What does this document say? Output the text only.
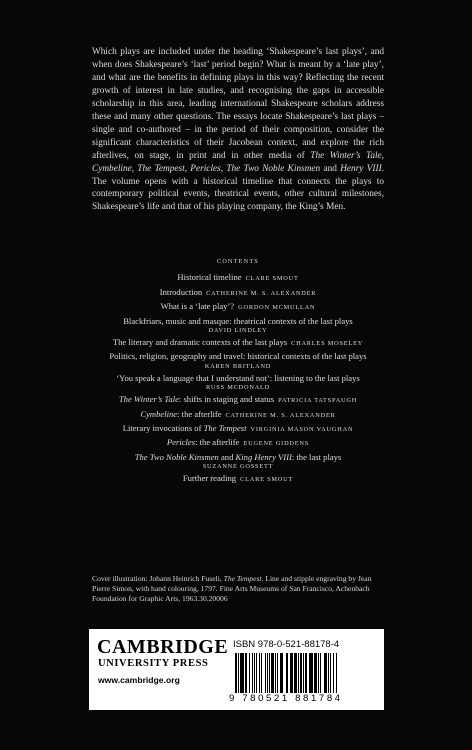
Which plays are included under the heading ‘Shakespeare’s last plays’, and when does Shakespeare’s ‘last’ period begin? What is meant by a ‘late play’, and what are the benefits in defining plays in this way? Reflecting the recent growth of interest in late studies, and recognising the gaps in accessible scholarship in this area, leading international Shakespeare scholars address these and many other questions. The essays locate Shakespeare’s last plays – single and co-authored – in the period of their composition, consider the significant characteristics of their Jacobean context, and explore the rich afterlives, on stage, in print and in other media of The Winter’s Tale, Cymbeline, The Tempest, Pericles, The Two Noble Kinsmen and Henry VIII. The volume opens with a historical timeline that connects the plays to contemporary political events, theatrical events, other cultural milestones, Shakespeare’s life and that of his playing company, the King’s Men.

CONTENTS

Historical timeline CLARE SMOUT

Introduction CATHERINE M. S. ALEXANDER

What is a ‘late play’? GORDON MCMULLAN

Blackfriars, music and masque: theatrical contexts of the last plays
DAVID LINDLEY

The literary and dramatic contexts of the last plays CHARLES MOSELEY

Politics, religion, geography and travel: historical contexts of the last plays
KAREN BRITLAND

‘You speak a language that I understand not’: listening to the last plays
RUSS MCDONALD

The Winter’s Tale: shifts in staging and status PATRICIA TATSPAUGH

Cymbeline: the afterlife CATHERINE M. S. ALEXANDER

Literary invocations of The Tempest VIRGINIA MASON VAUGHAN

Pericles: the afterlife EUGENE GIDDENS

The Two Noble Kinsmen and King Henry VIII: the last plays
SUZANNE GOSSETT

Further reading CLARE SMOUT

Cover illustration: Johann Heinrich Fuseli, The Tempest. Line and stipple engraving by Jean Pierre Simon, with hand colouring, 1797. Fine Arts Museums of San Francisco, Achenbach Foundation for Graphic Arts, 1963.30.20006
CAMBRIDGE
UNIVERSITY PRESS
www.cambridge.org
ISBN 978-0-521-88178-4
9 780521 881784
